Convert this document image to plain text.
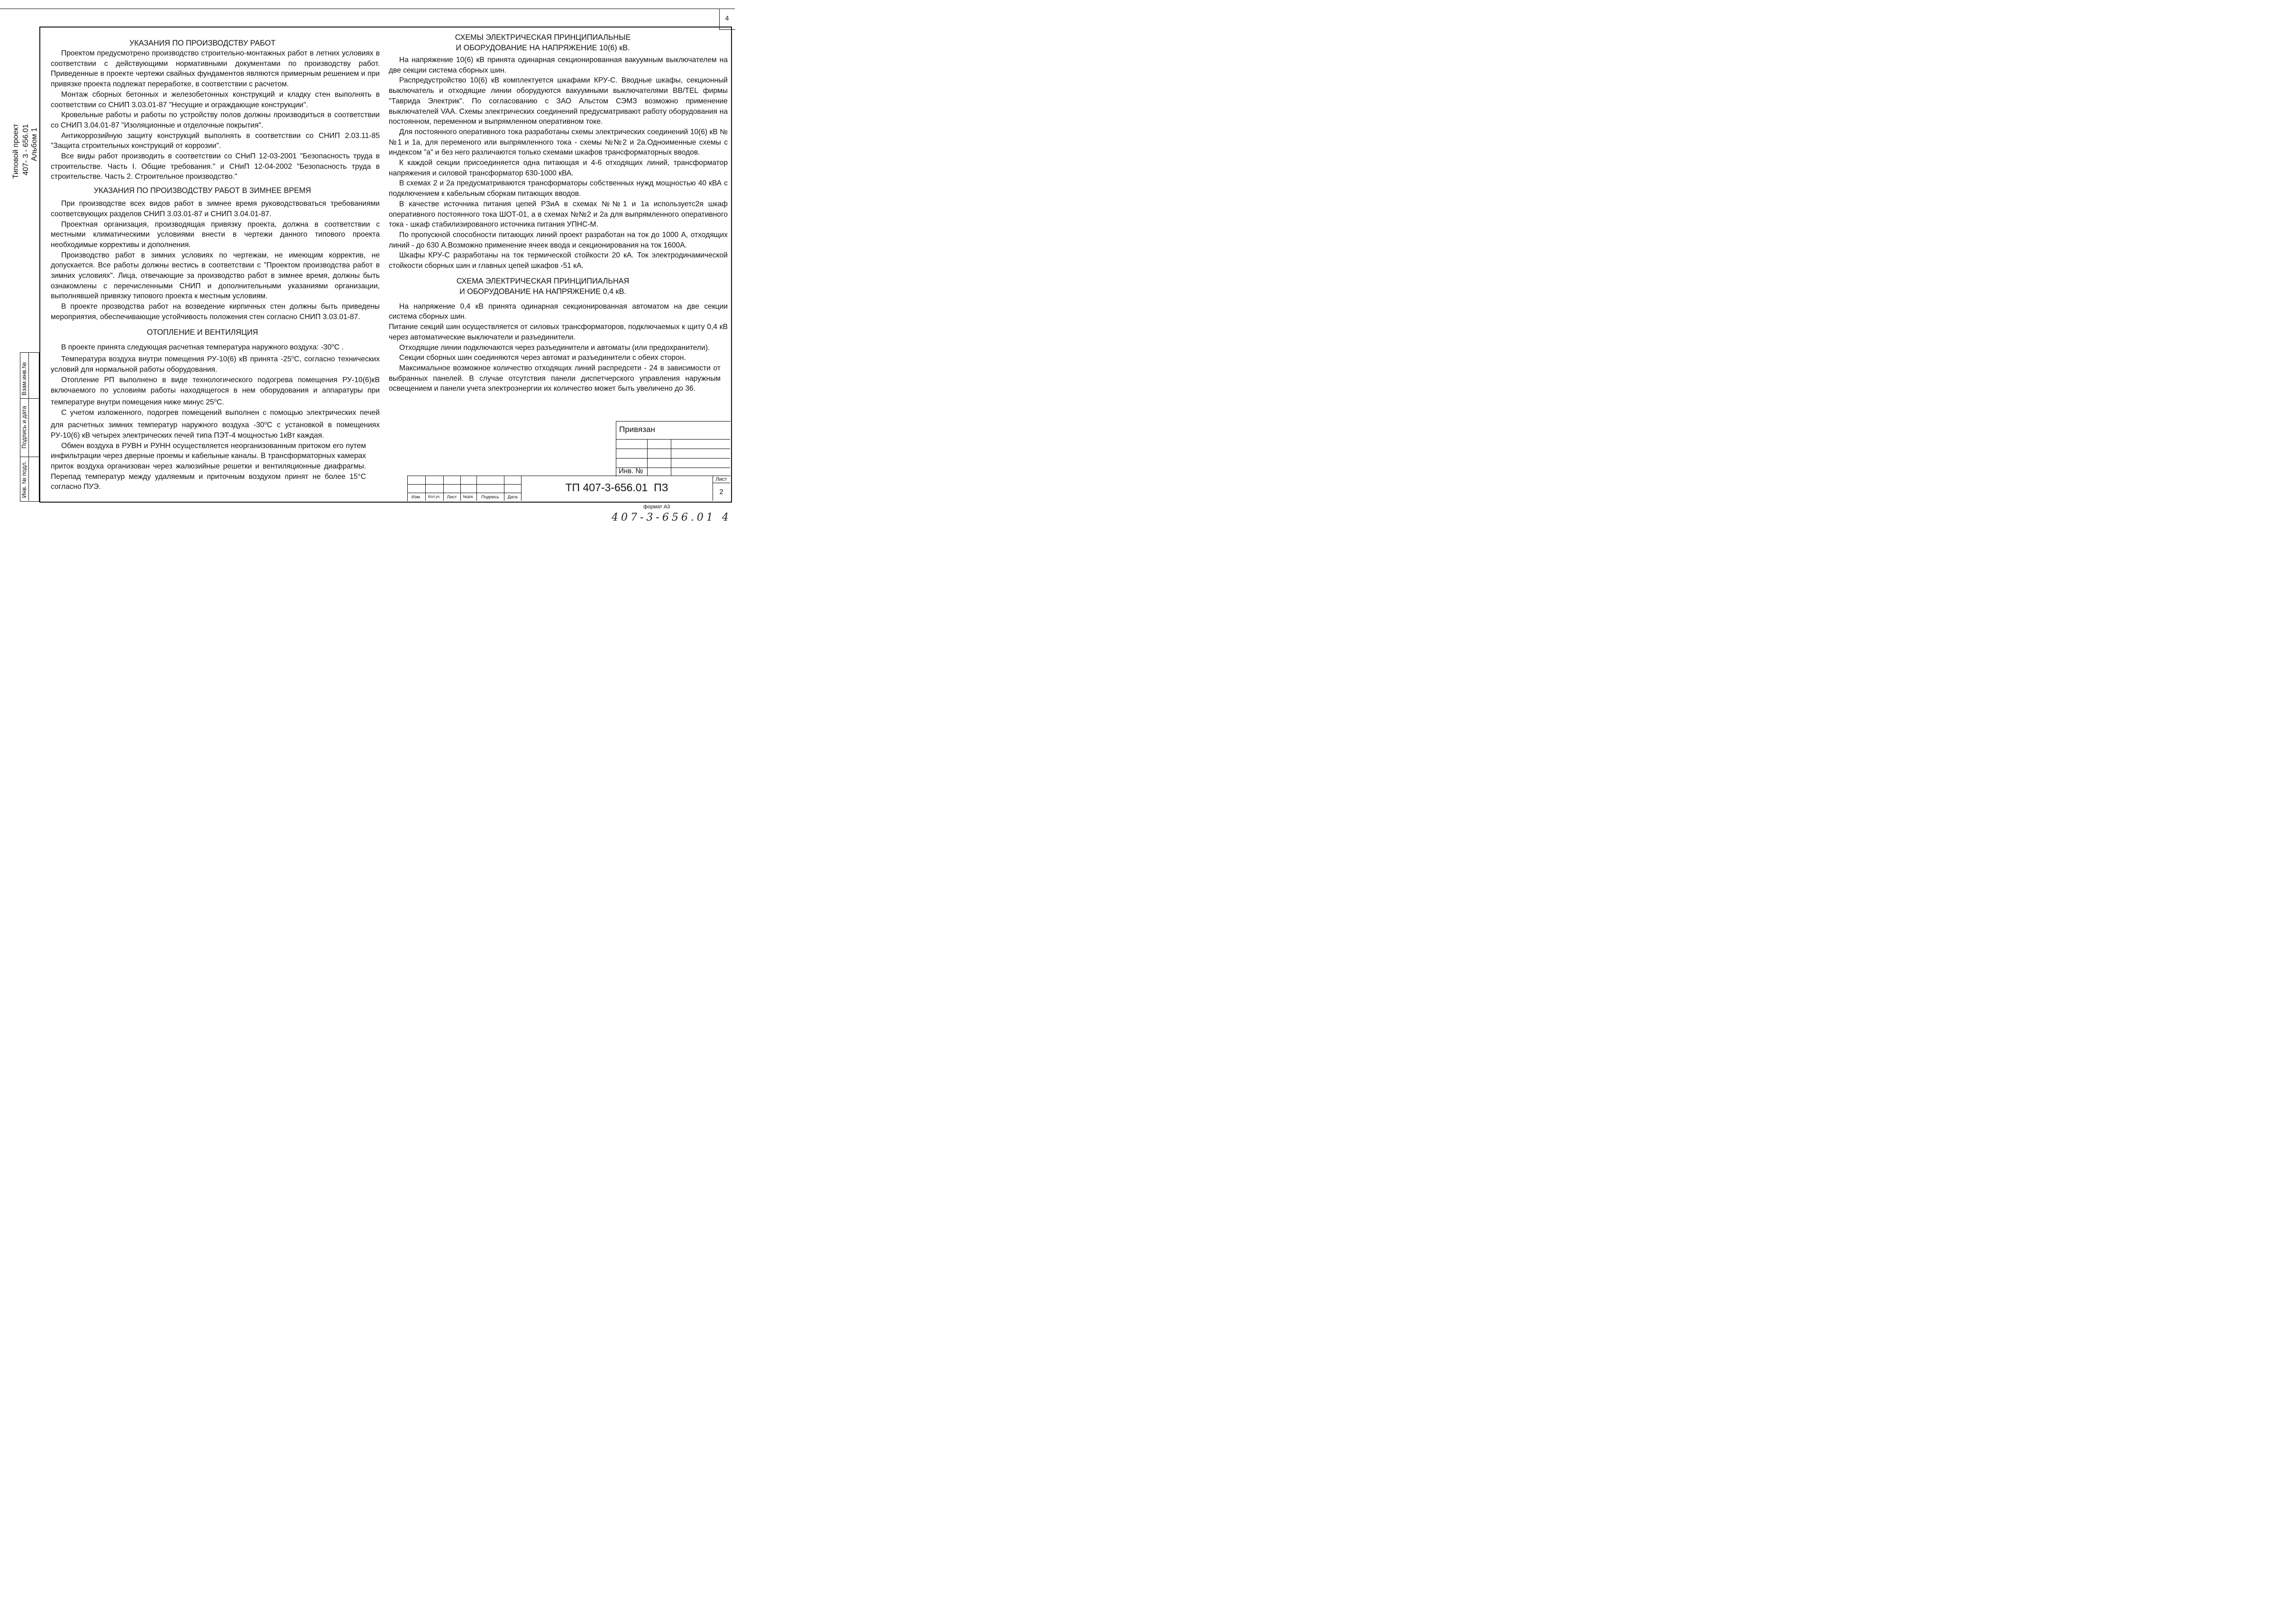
4
Типовой проект 407- 3 - 656.01 Альбом 1
Взам.инв.№
Подпись и дата
Инв. № подл.
УКАЗАНИЯ ПО ПРОИЗВОДСТВУ РАБОТ

Проектом предусмотрено производство строительно-монтажных работ в летних условиях в соответствии с действующими нормативными документами по производству работ. Приведенные в проекте чертежи свайных фундаментов являются примерным решением и при привязке проекта подлежат переработке, в соответствии с расчетом.

Монтаж сборных бетонных и железобетонных конструкций и кладку стен выполнять в соответствии со СНИП 3.03.01-87 "Несущие и ограждающие конструкции".

Кровельные работы и работы по устройству полов должны производиться в соответствии со СНИП 3.04.01-87 "Изоляционные и отделочные покрытия".

Антикоррозийную защиту конструкций выполнять в соответствии со СНИП 2.03.11-85 "Защита строительных конструкций от коррозии".

Все виды работ производить в соответствии со СНиП 12-03-2001 "Безопасность труда в строительстве. Часть I. Общие требования." и СНиП 12-04-2002 "Безопасность труда в строительстве. Часть 2. Строительное производство."

УКАЗАНИЯ ПО ПРОИЗВОДСТВУ РАБОТ В ЗИМНЕЕ ВРЕМЯ

При производстве всех видов работ в зимнее время руководствоваться требованиями соответсвующих разделов СНИП 3.03.01-87 и СНИП 3.04.01-87.

Проектная организация, производящая привязку проекта, должна в соответствии с местными климатическими условиями внести в чертежи данного типового проекта необходимые коррективы и дополнения.

Производство работ в зимних условиях по чертежам, не имеющим корректив, не допускается. Все работы должны вестись в соответствии с "Проектом производства работ в зимних условиях". Лица, отвечающие за производство работ в зимнее время, должны быть ознакомлены с перечисленными СНИП и дополнительными указаниями организации, выполнявшей привязку типового проекта к местным условиям.

В проекте прозводства работ на возведение кирпичных стен должны быть приведены мероприятия, обеспечивающие устойчивость положения стен согласно СНИП 3.03.01-87.

ОТОПЛЕНИЕ И ВЕНТИЛЯЦИЯ

В проекте принята следующая расчетная температура наружного воздуха: $-30^оС$ .

Температура воздуха внутри помещения РУ-10(6) кВ принята $-25^оС$, согласно технических условий для нормальной работы оборудования.

Отопление РП выполнено в виде технологического подогрева помещения РУ-10(6)кВ включаемого по условиям работы находящегося в нем оборудования и аппаратуры при температуре внутри помещения ниже минус $25^оС$.

С учетом изложенного, подогрев помещений выполнен с помощью электрических печей для расчетных зимних температур наружного воздуха $-30^оС$ с установкой в помещениях РУ-10(6) кВ четырех электрических печей типа ПЭТ-4 мощностью 1кВт каждая.

Обмен воздуха в РУВН и РУНН осуществляется неорганизованным притоком его путем инфильтрации через дверные проемы и кабельные каналы. В трансформаторных камерах приток воздуха организован через жалюзийные решетки и вентиляционные диафрагмы. Перепад температур между удаляемым и приточным воздухом принят не более 15°С согласно ПУЭ.

СХЕМЫ ЭЛЕКТРИЧЕСКАЯ ПРИНЦИПИАЛЬНЫЕ
И ОБОРУДОВАНИЕ НА НАПРЯЖЕНИЕ 10(6) кВ.

На напряжение 10(6) кВ принята одинарная секционированная вакуумным выключателем на две секции система сборных шин.

Распредустройство 10(6) кВ комплектуется шкафами КРУ-С. Вводные шкафы, секционный выключатель и отходящие линии оборудуются вакуумными выключателями BB/TEL фирмы "Таврида Электрик". По согласованию с ЗАО Альстом СЭМЗ возможно применение выключателей VAA. Схемы электрических соединений предусматривают работу оборудования на постоянном, переменном и выпрямленном оперативном токе.

Для постоянного оперативного тока разработаны схемы электрических соединений 10(6) кВ №№1 и 1а, для переменого или выпрямленного тока - схемы №№2 и 2а.Одноименные схемы с индексом "а" и без него различаются только схемами шкафов трансформаторных вводов.

К каждой секции присоединяется одна питающая и 4-6 отходящих линий, трансформатор напряжения и силовой трансформатор 630-1000 кВА.

В схемах 2 и 2а предусматриваются трансформаторы собственных нужд мощностью 40 кВА с подключением к кабельным сборкам питающих вводов.

В качестве источника питания цепей РЗиА в схемах №№1 и 1а используетс2я шкаф оперативного постоянного тока ШОТ-01, а в схемах №№2 и 2а для выпрямленного оперативного тока - шкаф стабилизированого источника питания УПНС-М.

По пропускной способности питающих линий проект разработан на ток до 1000 А, отходящих линий - до 630 А.Возможно применение ячеек ввода и секционирования на ток 1600А.

Шкафы КРУ-С разработаны на ток термической стойкости 20 кА. Ток электродинамической стойкости сборных шин и главных цепей шкафов -51 кА.

СХЕМА ЭЛЕКТРИЧЕСКАЯ ПРИНЦИПИАЛЬНАЯ
И ОБОРУДОВАНИЕ НА НАПРЯЖЕНИЕ 0,4 кВ.

На напряжение 0,4 кВ принята одинарная секционированная автоматом на две секции система сборных шин.

Питание секций шин осуществляется от силовых трансформаторов, подключаемых к щиту 0,4 кВ через автоматические выключатели и разъединители.

Отходящие линии подключаются через разъединители и автоматы (или предохранители).

Секции сборных шин соединяются через автомат и разъединители с обеих сторон.

Максимальное возможное количество отходящих линий распредсети - 24 в зависимости от выбранных панелей. В случае отсутствия панели диспетчерского управления наружным освещением и панели учета электроэнергии их количество может быть увеличено до 36.

Привязан
Инв. №
Изм.	Кол.уч.	Лист	№док.	Подпись	Дата
ТП 407-3-656.01  ПЗ
Лист
2
формат А3
407-3-656.01 4
